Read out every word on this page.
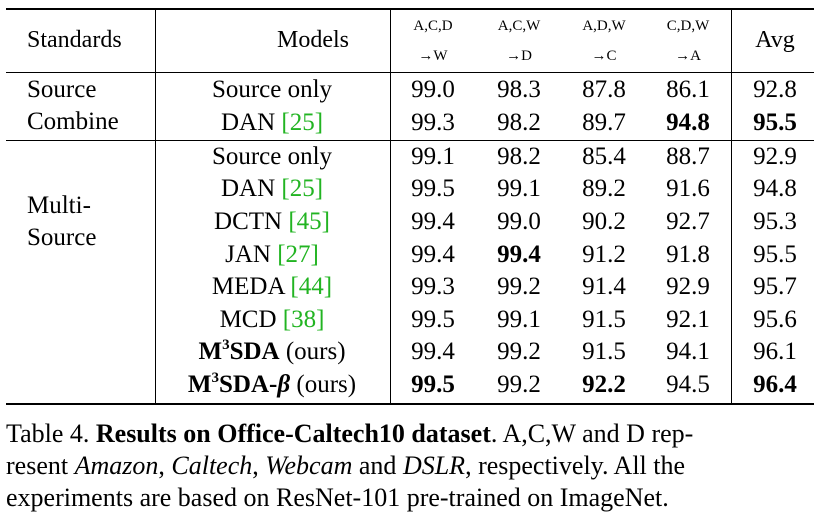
Standards	Models
A,C,D
→W
A,C,W
→D
A,D,W
→C
C,D,W
→A
Avg
Source
Combine
Multi-
Source
Source only
DAN [25]
Source only
DAN [25]
DCTN [45]
JAN [27]
MEDA [44]
MCD [38]
$M^3SDA$ (ours)
$M^3SDA-\beta$ (ours)
99.0 98.3 87.8 86.1 92.8
99.3 98.2 89.7 94.8 95.5
99.1 98.2 85.4 88.7 92.9
99.5 99.1 89.2 91.6 94.8
99.4 99.0 90.2 92.7 95.3
99.4 99.4 91.2 91.8 95.5
99.3 99.2 91.4 92.9 95.7
99.5 99.1 91.5 92.1 95.6
99.4 99.2 91.5 94.1 96.1
99.5 99.2 92.2 94.5 96.4
Table 4. Results on Office-Caltech10 dataset. A,C,W and D rep-
resent Amazon, Caltech, Webcam and DSLR, respectively. All the
experiments are based on ResNet-101 pre-trained on ImageNet.
